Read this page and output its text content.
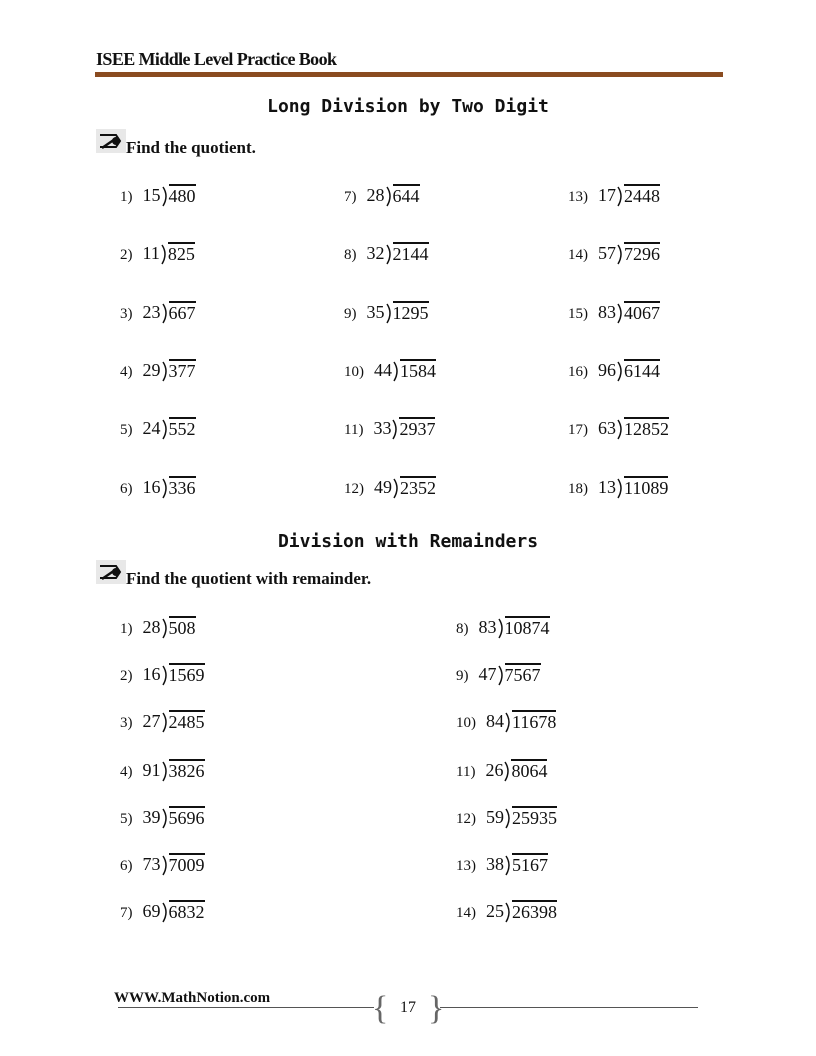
ISEE Middle Level Practice Book
Long Division by Two Digit
Find the quotient.
1) 15 480
2) 11 825
3) 23 667
4) 29 377
5) 24 552
6) 16 336
7) 28 644
8) 32 2144
9) 35 1295
10) 44 1584
11) 33 2937
12) 49 2352
13) 17 2448
14) 57 7296
15) 83 4067
16) 96 6144
17) 63 12852
18) 13 11089
Division with Remainders
Find the quotient with remainder.
1) 28 508
2) 16 1569
3) 27 2485
4) 91 3826
5) 39 5696
6) 73 7009
7) 69 6832
8) 83 10874
9) 47 7567
10) 84 11678
11) 26 8064
12) 59 25935
13) 38 5167
14) 25 26398
WWW.MathNotion.com	{ }
17
